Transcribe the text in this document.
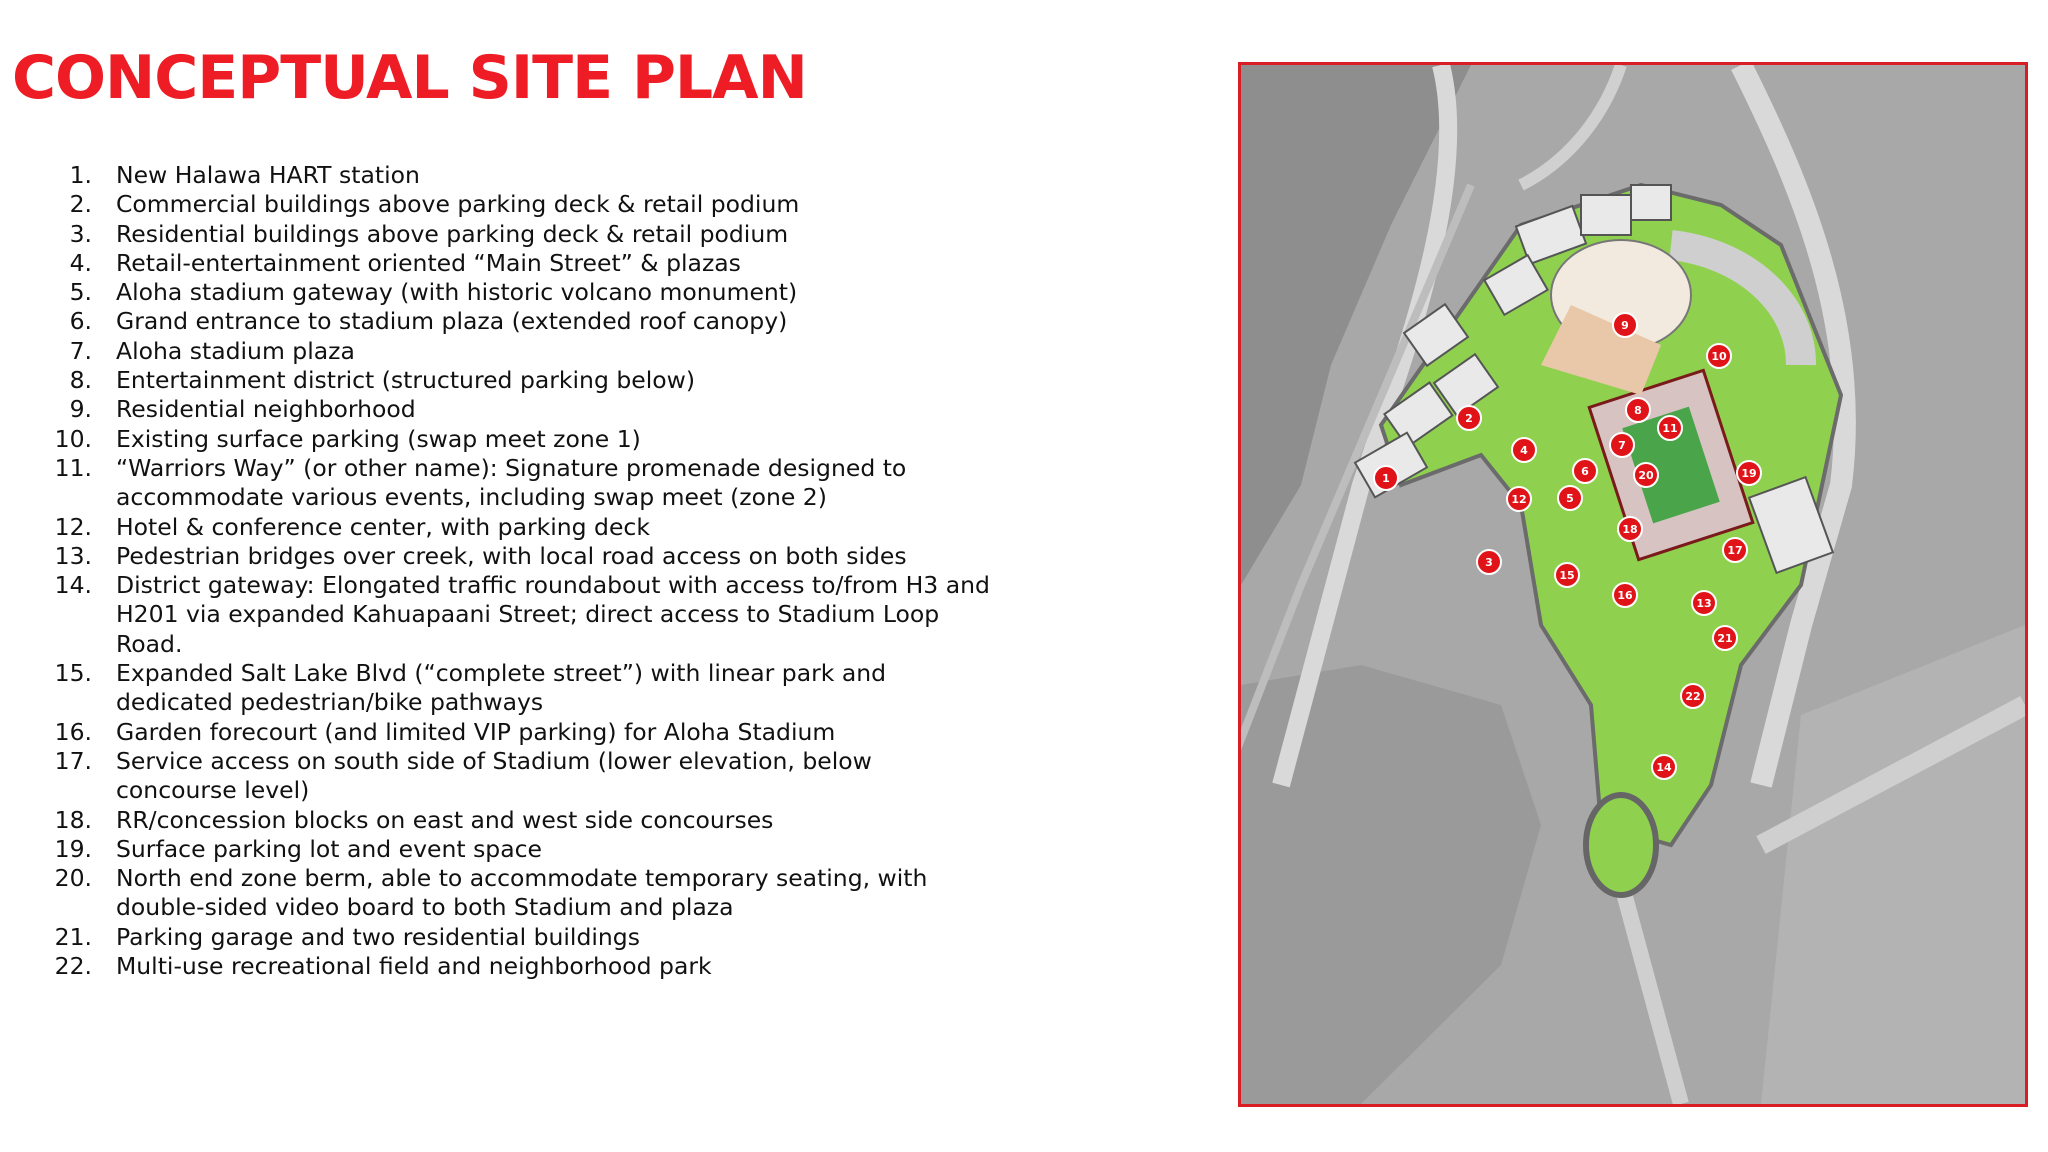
CONCEPTUAL SITE PLAN
1. New Halawa HART station
2. Commercial buildings above parking deck & retail podium
3. Residential buildings above parking deck & retail podium
4. Retail-entertainment oriented “Main Street” & plazas
5. Aloha stadium gateway (with historic volcano monument)
6. Grand entrance to stadium plaza (extended roof canopy)
7. Aloha stadium plaza
8. Entertainment district (structured parking below)
9. Residential neighborhood
10. Existing surface parking (swap meet zone 1)
11. “Warriors Way” (or other name): Signature promenade designed to accommodate various events, including swap meet (zone 2)
12. Hotel & conference center, with parking deck
13. Pedestrian bridges over creek, with local road access on both sides
14. District gateway: Elongated traffic roundabout with access to/from H3 and H201 via expanded Kahuapaani Street; direct access to Stadium Loop Road.
15. Expanded Salt Lake Blvd (“complete street”) with linear park and dedicated pedestrian/bike pathways
16. Garden forecourt (and limited VIP parking) for Aloha Stadium
17. Service access on south side of Stadium (lower elevation, below concourse level)
18. RR/concession blocks on east and west side concourses
19. Surface parking lot and event space
20. North end zone berm, able to accommodate temporary seating, with double-sided video board to both Stadium and plaza
21. Parking garage and two residential buildings
22. Multi-use recreational field and neighborhood park
1
2
3
4
5
6
7
8
9
10
11
12
13
14
15
16
17
18
19
20
21
22
